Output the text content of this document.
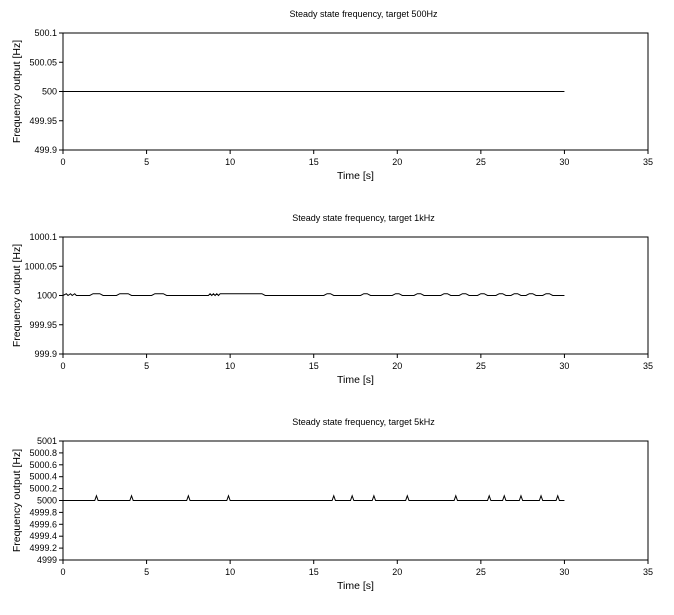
Steady state frequency, target 500Hz
Time [s]
Frequency output [Hz]
0	5	10	15	20	25	30	35
499.9
499.95
500
500.05
500.1
Steady state frequency, target 1kHz
Time [s]
Frequency output [Hz]
0	5	10	15	20	25	30	35
999.9
999.95
1000
1000.05
1000.1
Steady state frequency, target 5kHz
Time [s]
Frequency output [Hz]
0	5	10	15	20	25	30	35
4999
4999.2
4999.4
4999.6
4999.8
5000
5000.2
5000.4
5000.6
5000.8
5001
